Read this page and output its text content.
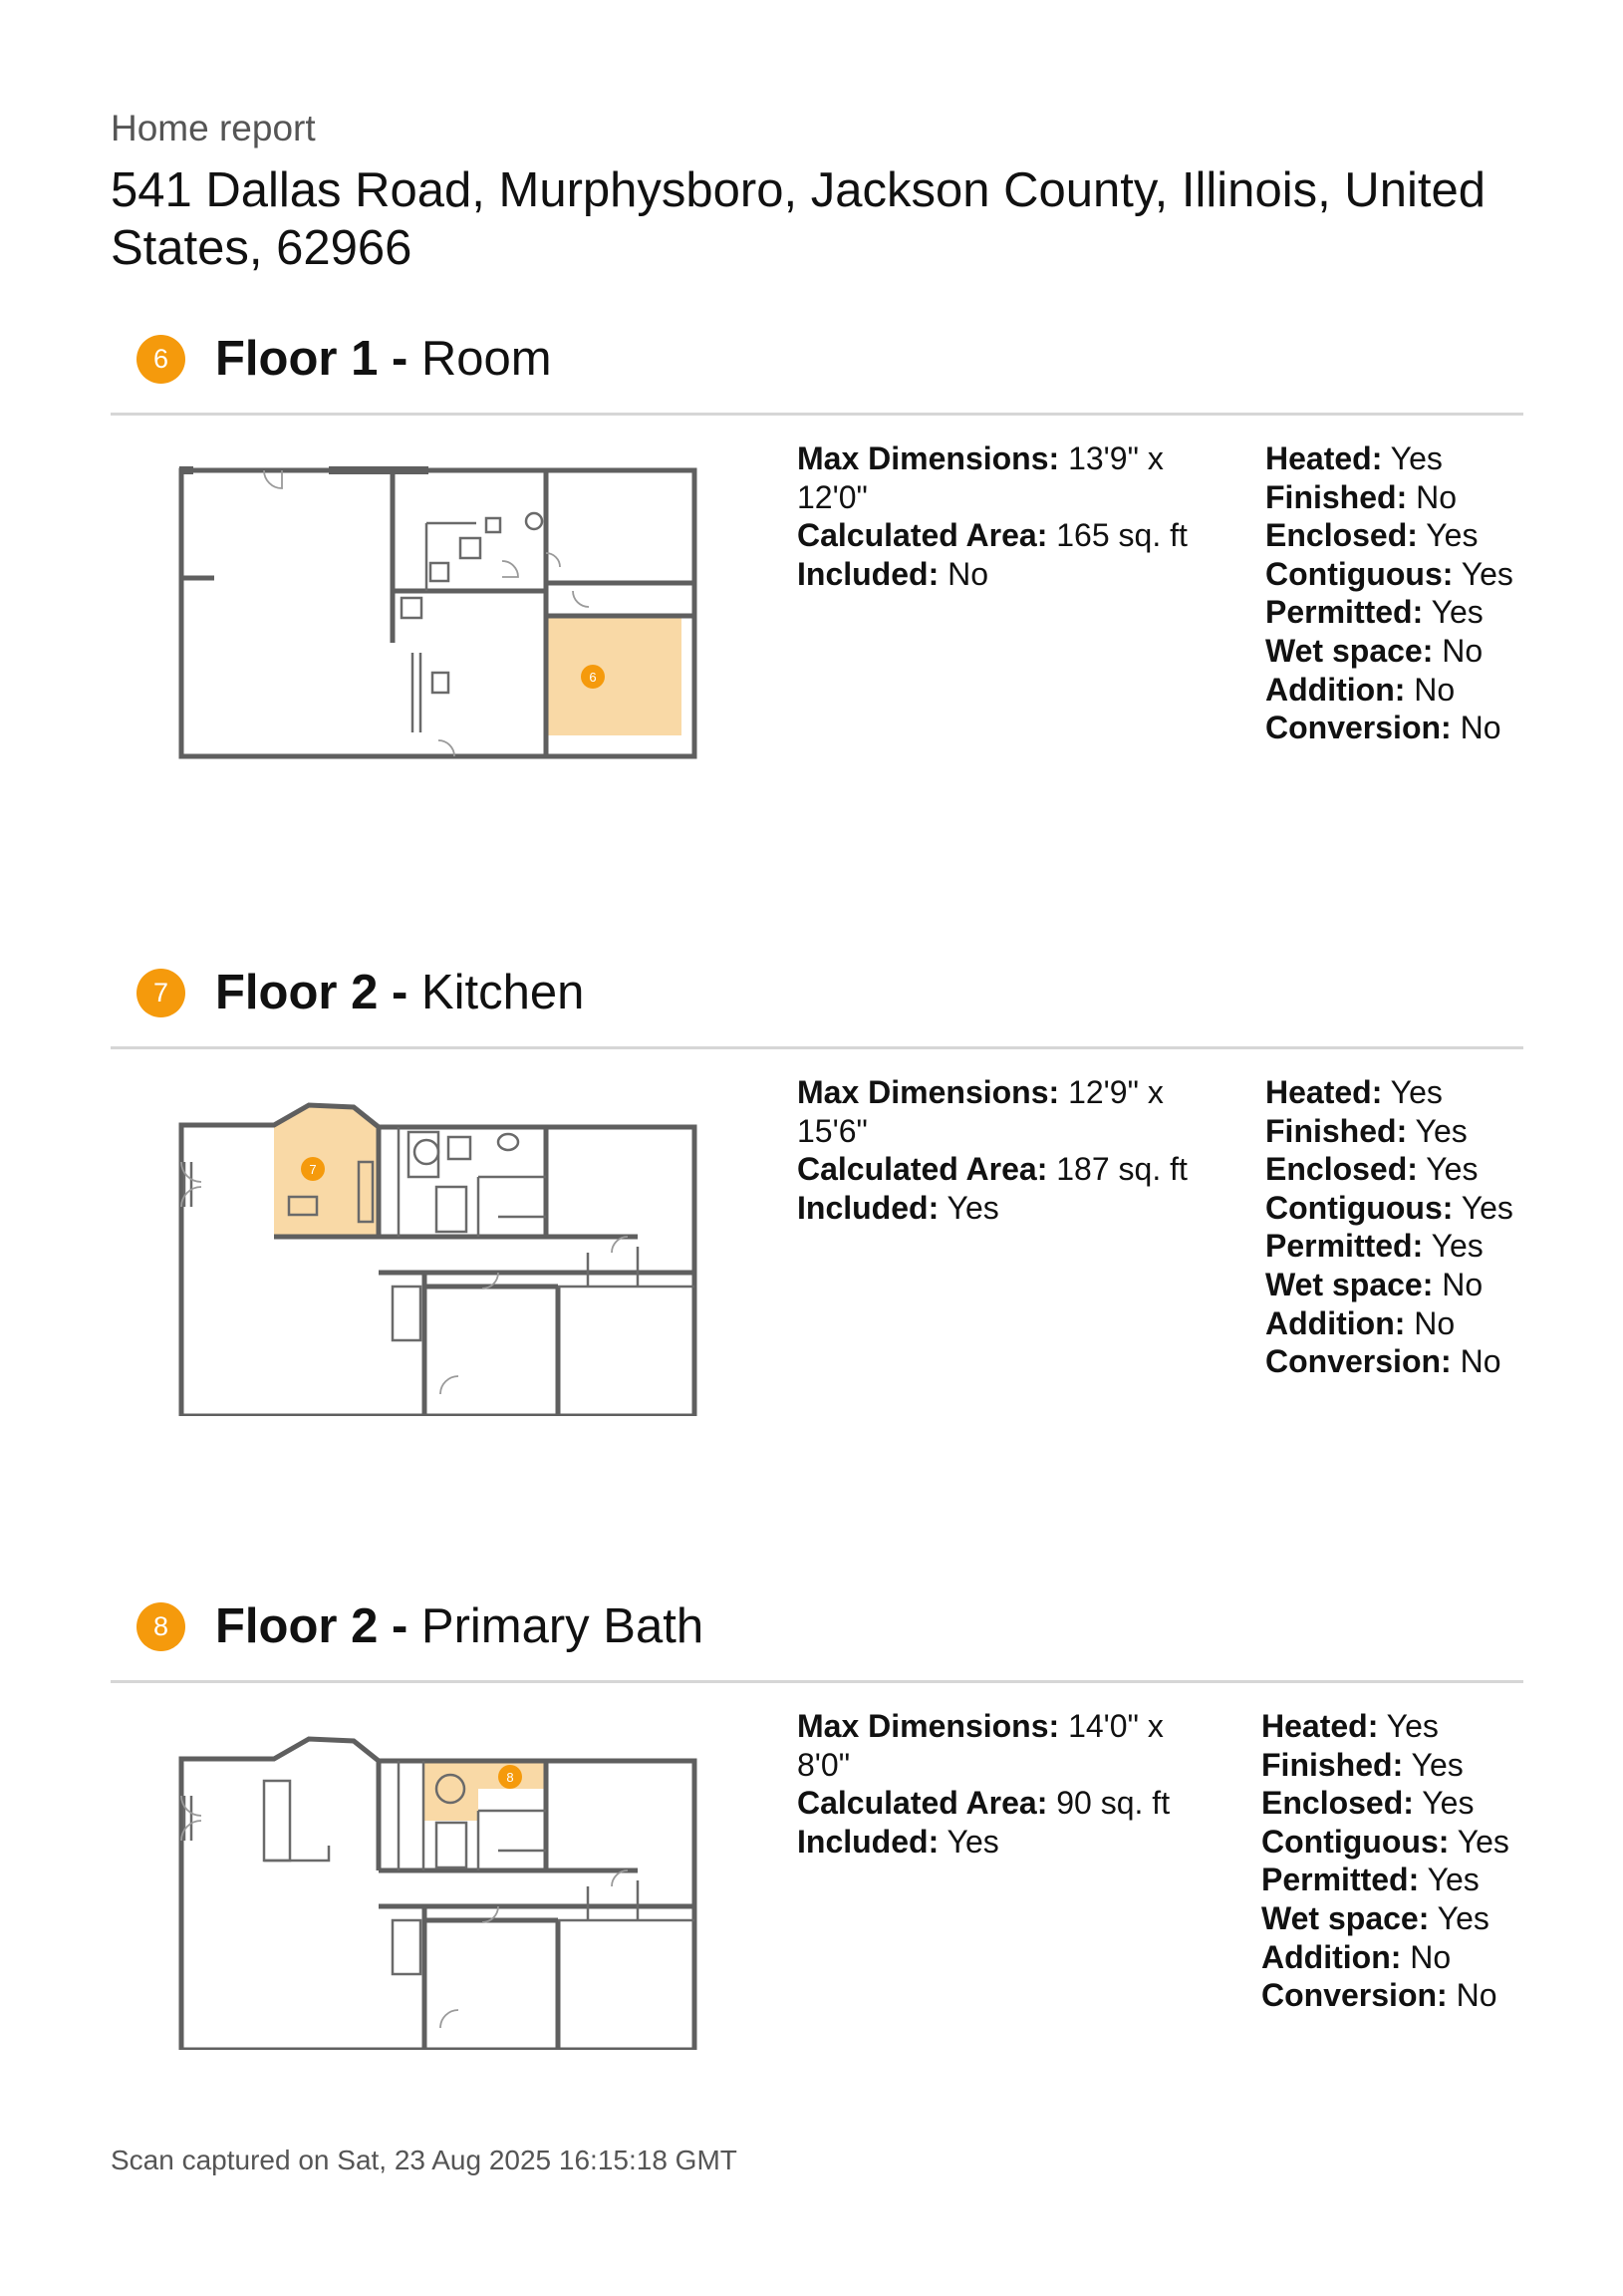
Home report
541 Dallas Road, Murphysboro, Jackson County, Illinois, United States, 62966
6 Floor 1 - Room
6
Max Dimensions: 13'9" x 12'0"
Calculated Area: 165 sq. ft
Included: No
Heated: Yes
Finished: No
Enclosed: Yes
Contiguous: Yes
Permitted: Yes
Wet space: No
Addition: No
Conversion: No
7 Floor 2 - Kitchen
7
Max Dimensions: 12'9" x 15'6"
Calculated Area: 187 sq. ft
Included: Yes
Heated: Yes
Finished: Yes
Enclosed: Yes
Contiguous: Yes
Permitted: Yes
Wet space: No
Addition: No
Conversion: No
8 Floor 2 - Primary Bath
8
Max Dimensions: 14'0" x 8'0"
Calculated Area: 90 sq. ft
Included: Yes
Heated: Yes
Finished: Yes
Enclosed: Yes
Contiguous: Yes
Permitted: Yes
Wet space: Yes
Addition: No
Conversion: No
Scan captured on Sat, 23 Aug 2025 16:15:18 GMT
